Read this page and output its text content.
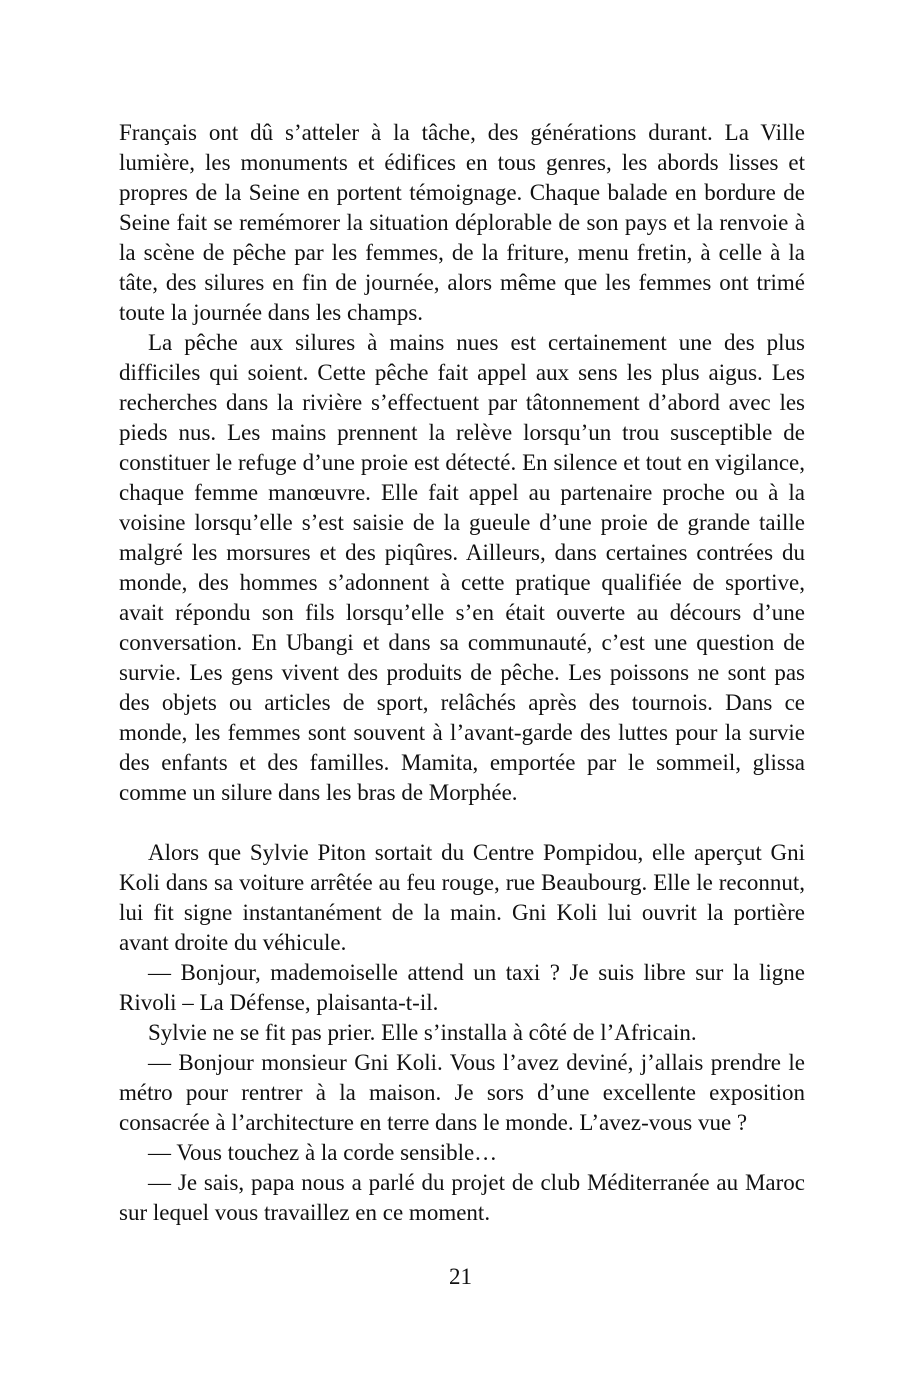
Français ont dû s’atteler à la tâche, des générations durant. La Ville lumière, les monuments et édifices en tous genres, les abords lisses et propres de la Seine en portent témoignage. Chaque balade en bordure de Seine fait se remémorer la situation déplorable de son pays et la renvoie à la scène de pêche par les femmes, de la friture, menu fretin, à celle à la tâte, des silures en fin de journée, alors même que les femmes ont trimé toute la journée dans les champs.

La pêche aux silures à mains nues est certainement une des plus difficiles qui soient. Cette pêche fait appel aux sens les plus aigus. Les recherches dans la rivière s’effectuent par tâtonnement d’abord avec les pieds nus. Les mains prennent la relève lorsqu’un trou susceptible de constituer le refuge d’une proie est détecté. En silence et tout en vigilance, chaque femme manœuvre. Elle fait appel au partenaire proche ou à la voisine lorsqu’elle s’est saisie de la gueule d’une proie de grande taille malgré les morsures et des piqûres. Ailleurs, dans certaines contrées du monde, des hommes s’adonnent à cette pratique qualifiée de sportive, avait répondu son fils lorsqu’elle s’en était ouverte au décours d’une conversation. En Ubangi et dans sa communauté, c’est une question de survie. Les gens vivent des produits de pêche. Les poissons ne sont pas des objets ou articles de sport, relâchés après des tournois. Dans ce monde, les femmes sont souvent à l’avant-garde des luttes pour la survie des enfants et des familles. Mamita, emportée par le sommeil, glissa comme un silure dans les bras de Morphée.

Alors que Sylvie Piton sortait du Centre Pompidou, elle aperçut Gni Koli dans sa voiture arrêtée au feu rouge, rue Beaubourg. Elle le reconnut, lui fit signe instantanément de la main. Gni Koli lui ouvrit la portière avant droite du véhicule.

— Bonjour, mademoiselle attend un taxi ? Je suis libre sur la ligne Rivoli – La Défense, plaisanta-t-il.

Sylvie ne se fit pas prier. Elle s’installa à côté de l’Africain.

— Bonjour monsieur Gni Koli. Vous l’avez deviné, j’allais prendre le métro pour rentrer à la maison. Je sors d’une excellente exposition consacrée à l’architecture en terre dans le monde. L’avez-vous vue ?

— Vous touchez à la corde sensible…

— Je sais, papa nous a parlé du projet de club Méditerranée au Maroc sur lequel vous travaillez en ce moment.

21
